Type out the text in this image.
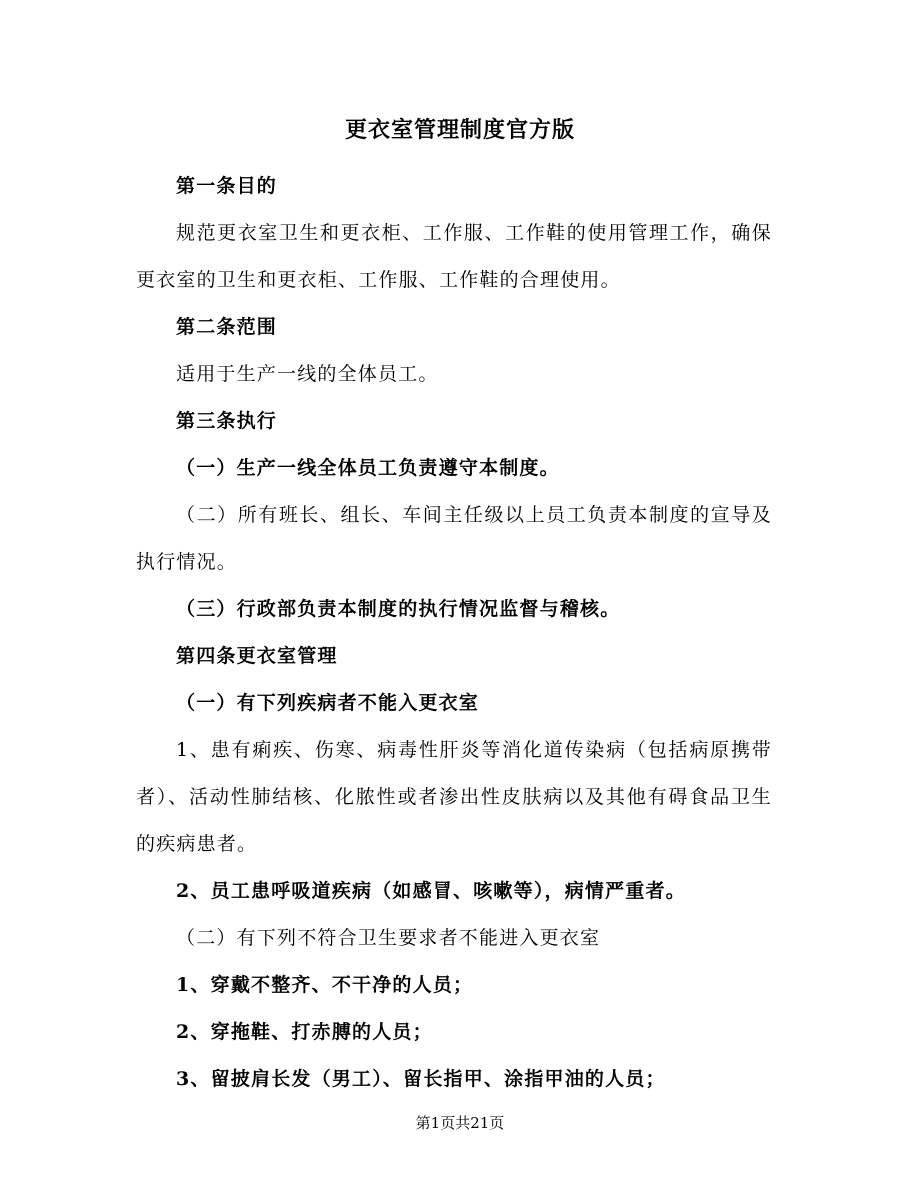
更衣室管理制度官方版

第一条目的

规范更衣室卫生和更衣柜、工作服、工作鞋的使用管理工作，确保更衣室的卫生和更衣柜、工作服、工作鞋的合理使用。

第二条范围

适用于生产一线的全体员工。

第三条执行

（一）生产一线全体员工负责遵守本制度。

（二）所有班长、组长、车间主任级以上员工负责本制度的宣导及执行情况。

（三）行政部负责本制度的执行情况监督与稽核。

第四条更衣室管理

（一）有下列疾病者不能入更衣室

1、患有痢疾、伤寒、病毒性肝炎等消化道传染病（包括病原携带者）、活动性肺结核、化脓性或者渗出性皮肤病以及其他有碍食品卫生的疾病患者。

2、员工患呼吸道疾病（如感冒、咳嗽等），病情严重者。

（二）有下列不符合卫生要求者不能进入更衣室

1、穿戴不整齐、不干净的人员；

2、穿拖鞋、打赤膊的人员；

3、留披肩长发（男工）、留长指甲、涂指甲油的人员；

第1页共21页
